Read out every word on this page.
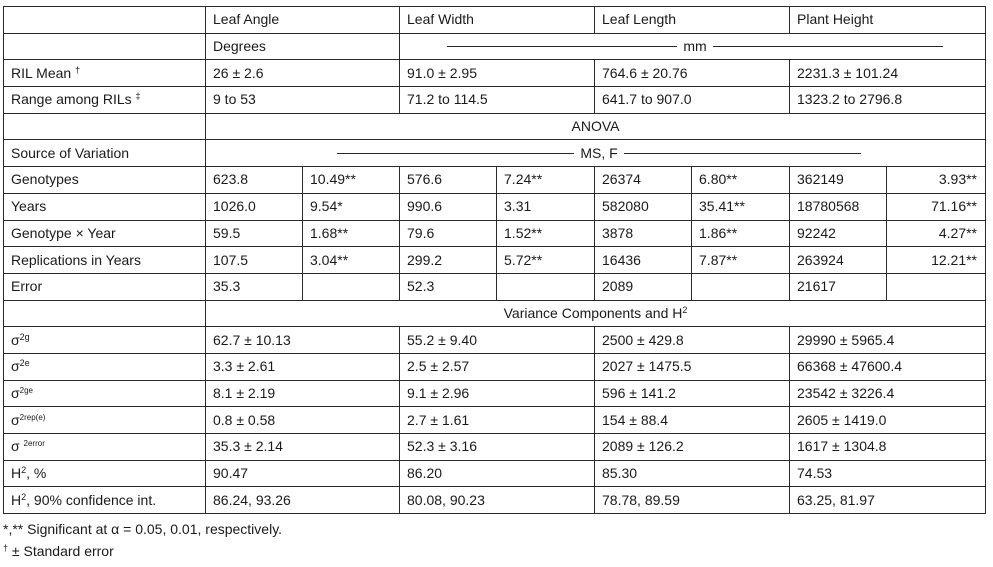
	Leaf Angle		Leaf Width		Leaf Length		Plant Height	
	Degrees		mm					

RIL Mean †	26 ± 2.6		91.0 ± 2.95		764.6 ± 20.76		2231.3 ± 101.24	
Range among RILs ‡	9 to 53		71.2 to 114.5		641.7 to 907.0		1323.2 to 2796.8	
	ANOVA							
Source of Variation	MS, F							

Genotypes	623.8	10.49**	576.6	7.24**	26374	6.80**	362149	3.93**
Years	1026.0	9.54*	990.6	3.31	582080	35.41**	18780568	71.16**
Genotype × Year	59.5	1.68**	79.6	1.52**	3878	1.86**	92242	4.27**
Replications in Years	107.5	3.04**	299.2	5.72**	16436	7.87**	263924	12.21**
Error	35.3		52.3		2089		21617	
	Variance Components and $H^2$
$\sigma^{2g}$	62.7 ± 10.13		55.2 ± 9.40		2500 ± 429.8		29990 ± 5965.4	
$\sigma^{2e}$	3.3 ± 2.61		2.5 ± 2.57		2027 ± 1475.5		66368 ± 47600.4	
$\sigma^{2ge}$	8.1 ± 2.19		9.1 ± 2.96		596 ± 141.2		23542 ± 3226.4	
$\sigma^{2rep(e)}$	0.8 ± 0.58		2.7 ± 1.61		154 ± 88.4		2605 ± 1419.0	
σ $^{2error}$	35.3 ± 2.14		52.3 ± 3.16		2089 ± 126.2		1617 ± 1304.8	
$H^2$, %	90.47		86.20		85.30		74.53	
$H^2$, 90% confidence int.	86.24, 93.26		80.08, 90.23		78.78, 89.59		63.25, 81.97	
*,** Significant at α = 0.05, 0.01, respectively.
† ± Standard error
